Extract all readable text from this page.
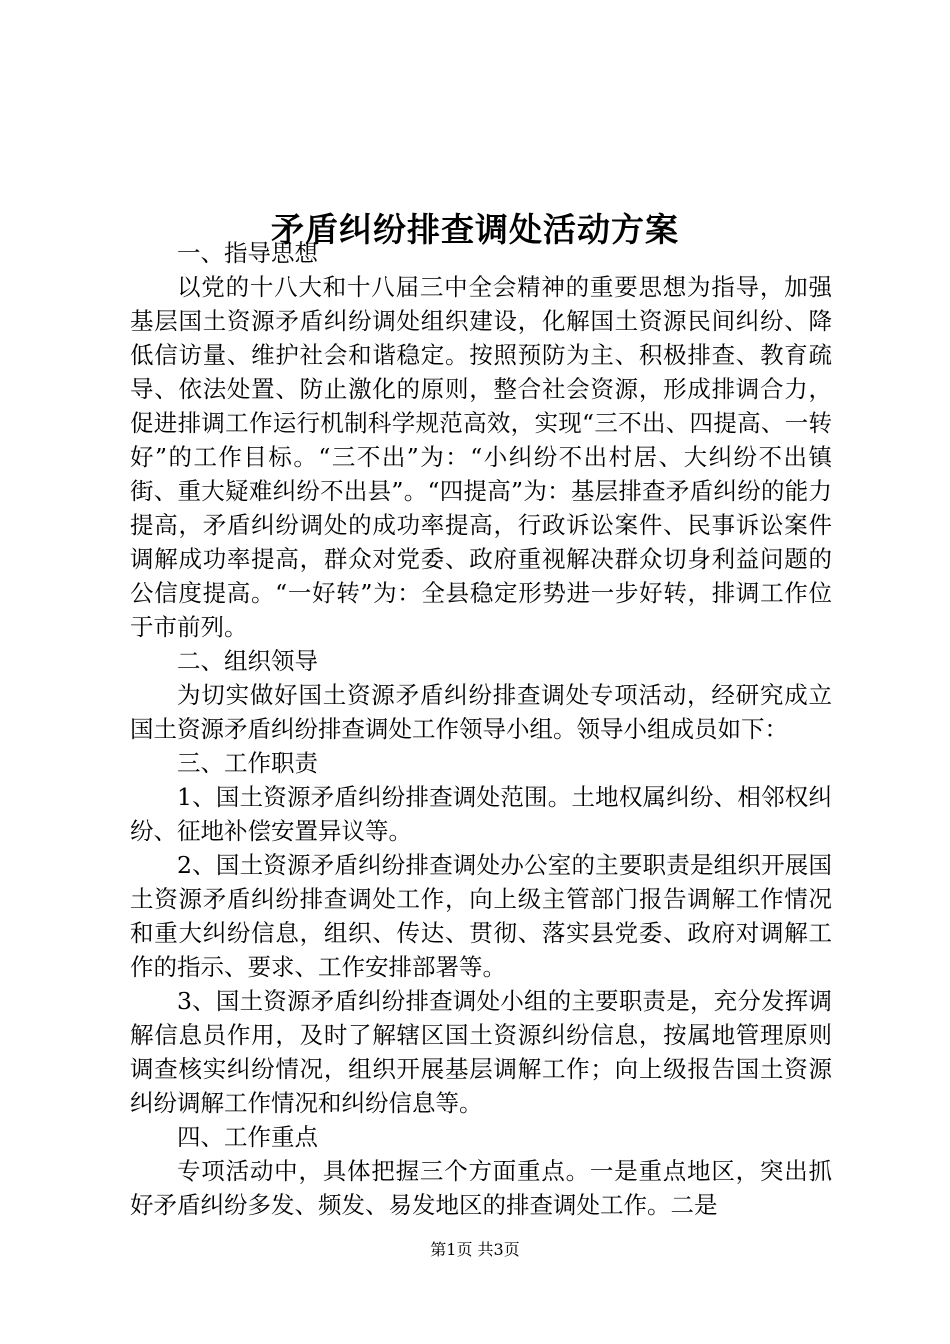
矛盾纠纷排查调处活动方案

一、指导思想

以党的十八大和十八届三中全会精神的重要思想为指导，加强基层国土资源矛盾纠纷调处组织建设，化解国土资源民间纠纷、降低信访量、维护社会和谐稳定。按照预防为主、积极排查、教育疏导、依法处置、防止激化的原则，整合社会资源，形成排调合力，促进排调工作运行机制科学规范高效，实现“三不出、四提高、一转好”的工作目标。“三不出”为：“小纠纷不出村居、大纠纷不出镇街、重大疑难纠纷不出县”。“四提高”为：基层排查矛盾纠纷的能力提高，矛盾纠纷调处的成功率提高，行政诉讼案件、民事诉讼案件调解成功率提高，群众对党委、政府重视解决群众切身利益问题的公信度提高。“一好转”为：全县稳定形势进一步好转，排调工作位于市前列。

二、组织领导

为切实做好国土资源矛盾纠纷排查调处专项活动，经研究成立国土资源矛盾纠纷排查调处工作领导小组。领导小组成员如下：

三、工作职责

1、国土资源矛盾纠纷排查调处范围。土地权属纠纷、相邻权纠纷、征地补偿安置异议等。

2、国土资源矛盾纠纷排查调处办公室的主要职责是组织开展国土资源矛盾纠纷排查调处工作，向上级主管部门报告调解工作情况和重大纠纷信息，组织、传达、贯彻、落实县党委、政府对调解工作的指示、要求、工作安排部署等。

3、国土资源矛盾纠纷排查调处小组的主要职责是，充分发挥调解信息员作用，及时了解辖区国土资源纠纷信息，按属地管理原则调查核实纠纷情况，组织开展基层调解工作；向上级报告国土资源纠纷调解工作情况和纠纷信息等。

四、工作重点

专项活动中，具体把握三个方面重点。一是重点地区，突出抓好矛盾纠纷多发、频发、易发地区的排查调处工作。二是

第1页 共3页
